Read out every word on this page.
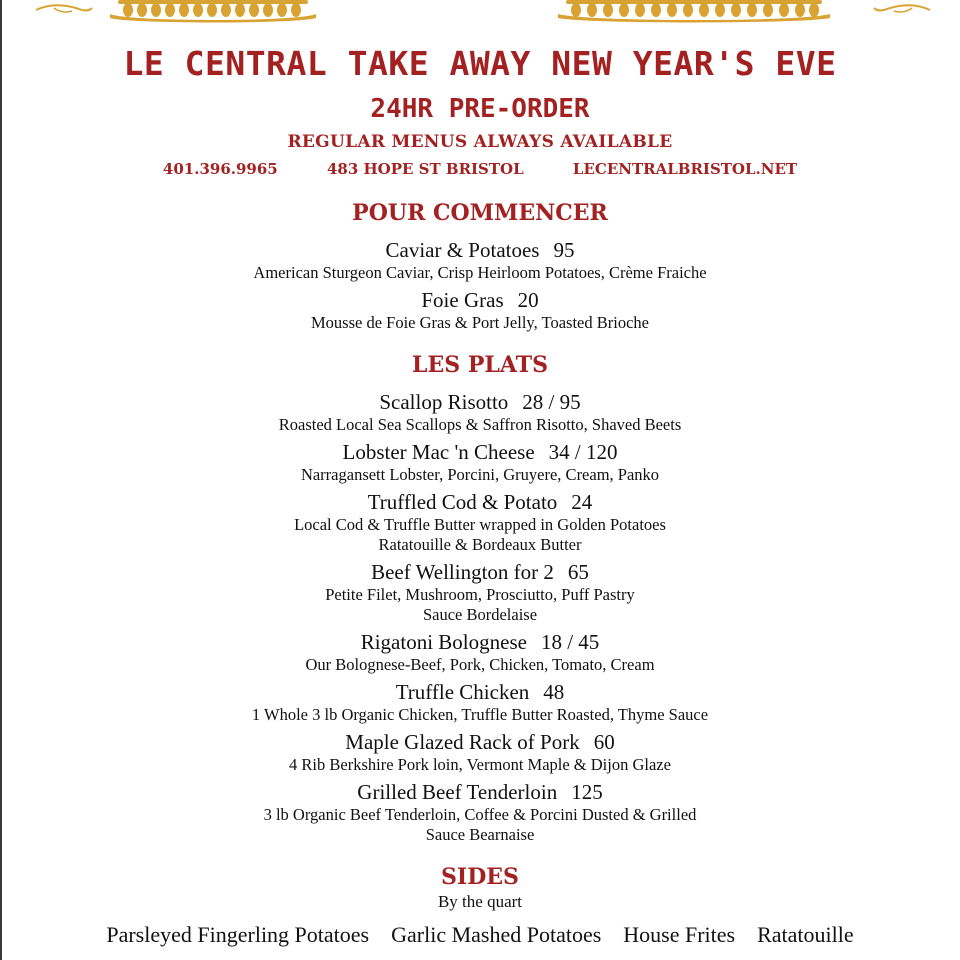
LE CENTRAL TAKE AWAY NEW YEAR'S EVE
24HR PRE-ORDER
REGULAR MENUS ALWAYS AVAILABLE
401.396.9965	483 HOPE ST BRISTOL	LECENTRALBRISTOL.NET
POUR COMMENCER
Caviar & Potatoes 95
American Sturgeon Caviar, Crisp Heirloom Potatoes, Crème Fraiche
Foie Gras 20
Mousse de Foie Gras & Port Jelly, Toasted Brioche
LES PLATS
Scallop Risotto 28 / 95
Roasted Local Sea Scallops & Saffron Risotto, Shaved Beets
Lobster Mac 'n Cheese 34 / 120
Narragansett Lobster, Porcini, Gruyere, Cream, Panko
Truffled Cod & Potato 24
Local Cod & Truffle Butter wrapped in Golden Potatoes
Ratatouille & Bordeaux Butter
Beef Wellington for 2 65
Petite Filet, Mushroom, Prosciutto, Puff Pastry
Sauce Bordelaise
Rigatoni Bolognese 18 / 45
Our Bolognese-Beef, Pork, Chicken, Tomato, Cream
Truffle Chicken 48
1 Whole 3 lb Organic Chicken, Truffle Butter Roasted, Thyme Sauce
Maple Glazed Rack of Pork 60
4 Rib Berkshire Pork loin, Vermont Maple & Dijon Glaze
Grilled Beef Tenderloin 125
3 lb Organic Beef Tenderloin, Coffee & Porcini Dusted & Grilled
Sauce Bearnaise
SIDES
By the quart
Parsleyed Fingerling Potatoes Garlic Mashed Potatoes House Frites Ratatouille
